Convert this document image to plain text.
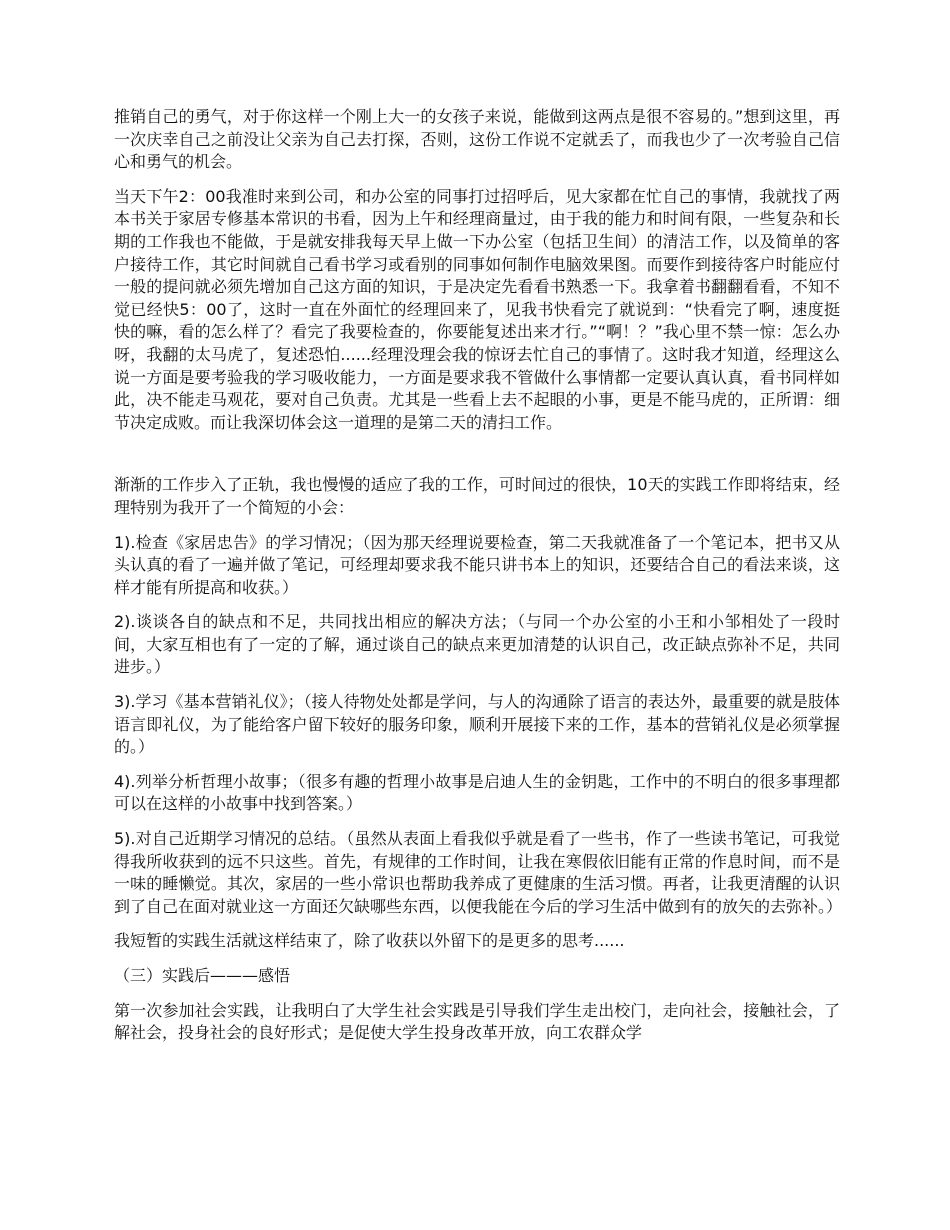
推销自己的勇气，对于你这样一个刚上大一的女孩子来说，能做到这两点是很不容易的。”想到这里，再一次庆幸自己之前没让父亲为自己去打探，否则，这份工作说不定就丢了，而我也少了一次考验自己信心和勇气的机会。

当天下午2：00我准时来到公司，和办公室的同事打过招呼后，见大家都在忙自己的事情，我就找了两本书关于家居专修基本常识的书看，因为上午和经理商量过，由于我的能力和时间有限，一些复杂和长期的工作我也不能做，于是就安排我每天早上做一下办公室（包括卫生间）的清洁工作，以及简单的客户接待工作，其它时间就自己看书学习或看别的同事如何制作电脑效果图。而要作到接待客户时能应付一般的提问就必须先增加自己这方面的知识，于是决定先看看书熟悉一下。我拿着书翻翻看看，不知不觉已经快5：00了，这时一直在外面忙的经理回来了，见我书快看完了就说到：“快看完了啊，速度挺快的嘛，看的怎么样了？看完了我要检查的，你要能复述出来才行。”“啊！？”我心里不禁一惊：怎么办呀，我翻的太马虎了，复述恐怕......经理没理会我的惊讶去忙自己的事情了。这时我才知道，经理这么说一方面是要考验我的学习吸收能力，一方面是要求我不管做什么事情都一定要认真认真，看书同样如此，决不能走马观花，要对自己负责。尤其是一些看上去不起眼的小事，更是不能马虎的，正所谓：细节决定成败。而让我深切体会这一道理的是第二天的清扫工作。

渐渐的工作步入了正轨，我也慢慢的适应了我的工作，可时间过的很快，10天的实践工作即将结束，经理特别为我开了一个简短的小会：

1).检查《家居忠告》的学习情况；（因为那天经理说要检查，第二天我就准备了一个笔记本，把书又从头认真的看了一遍并做了笔记，可经理却要求我不能只讲书本上的知识，还要结合自己的看法来谈，这样才能有所提高和收获。）

2).谈谈各自的缺点和不足，共同找出相应的解决方法；（与同一个办公室的小王和小邹相处了一段时间，大家互相也有了一定的了解，通过谈自己的缺点来更加清楚的认识自己，改正缺点弥补不足，共同进步。）

3).学习《基本营销礼仪》；（接人待物处处都是学问，与人的沟通除了语言的表达外，最重要的就是肢体语言即礼仪，为了能给客户留下较好的服务印象，顺利开展接下来的工作，基本的营销礼仪是必须掌握的。）

4).列举分析哲理小故事；（很多有趣的哲理小故事是启迪人生的金钥匙，工作中的不明白的很多事理都可以在这样的小故事中找到答案。）

5).对自己近期学习情况的总结。（虽然从表面上看我似乎就是看了一些书，作了一些读书笔记，可我觉得我所收获到的远不只这些。首先，有规律的工作时间，让我在寒假依旧能有正常的作息时间，而不是一味的睡懒觉。其次，家居的一些小常识也帮助我养成了更健康的生活习惯。再者，让我更清醒的认识到了自己在面对就业这一方面还欠缺哪些东西，以便我能在今后的学习生活中做到有的放矢的去弥补。）

我短暂的实践生活就这样结束了，除了收获以外留下的是更多的思考......

（三）实践后———感悟

第一次参加社会实践，让我明白了大学生社会实践是引导我们学生走出校门，走向社会，接触社会，了解社会，投身社会的良好形式；是促使大学生投身改革开放，向工农群众学
